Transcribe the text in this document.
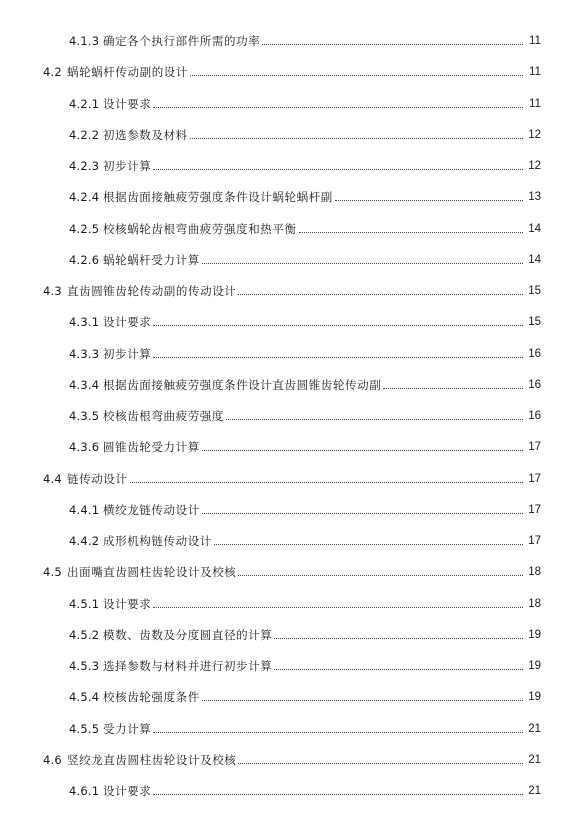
4.1.3 确定各个执行部件所需的功率	11
4.2 蜗轮蜗杆传动副的设计	11
4.2.1 设计要求	11
4.2.2 初选参数及材料	12
4.2.3 初步计算	12
4.2.4 根据齿面接触疲劳强度条件设计蜗轮蜗杆副	13
4.2.5 校核蜗轮齿根弯曲疲劳强度和热平衡	14
4.2.6 蜗轮蜗杆受力计算	14
4.3 直齿圆锥齿轮传动副的传动设计	15
4.3.1 设计要求	15
4.3.3 初步计算	16
4.3.4 根据齿面接触疲劳强度条件设计直齿圆锥齿轮传动副	16
4.3.5 校核齿根弯曲疲劳强度	16
4.3.6 圆锥齿轮受力计算	17
4.4 链传动设计	17
4.4.1 横绞龙链传动设计	17
4.4.2 成形机构链传动设计	17
4.5 出面嘴直齿圆柱齿轮设计及校核	18
4.5.1 设计要求	18
4.5.2 模数、齿数及分度圆直径的计算	19
4.5.3 选择参数与材料并进行初步计算	19
4.5.4 校核齿轮强度条件	19
4.5.5 受力计算	21
4.6 竖绞龙直齿圆柱齿轮设计及校核	21
4.6.1 设计要求	21
